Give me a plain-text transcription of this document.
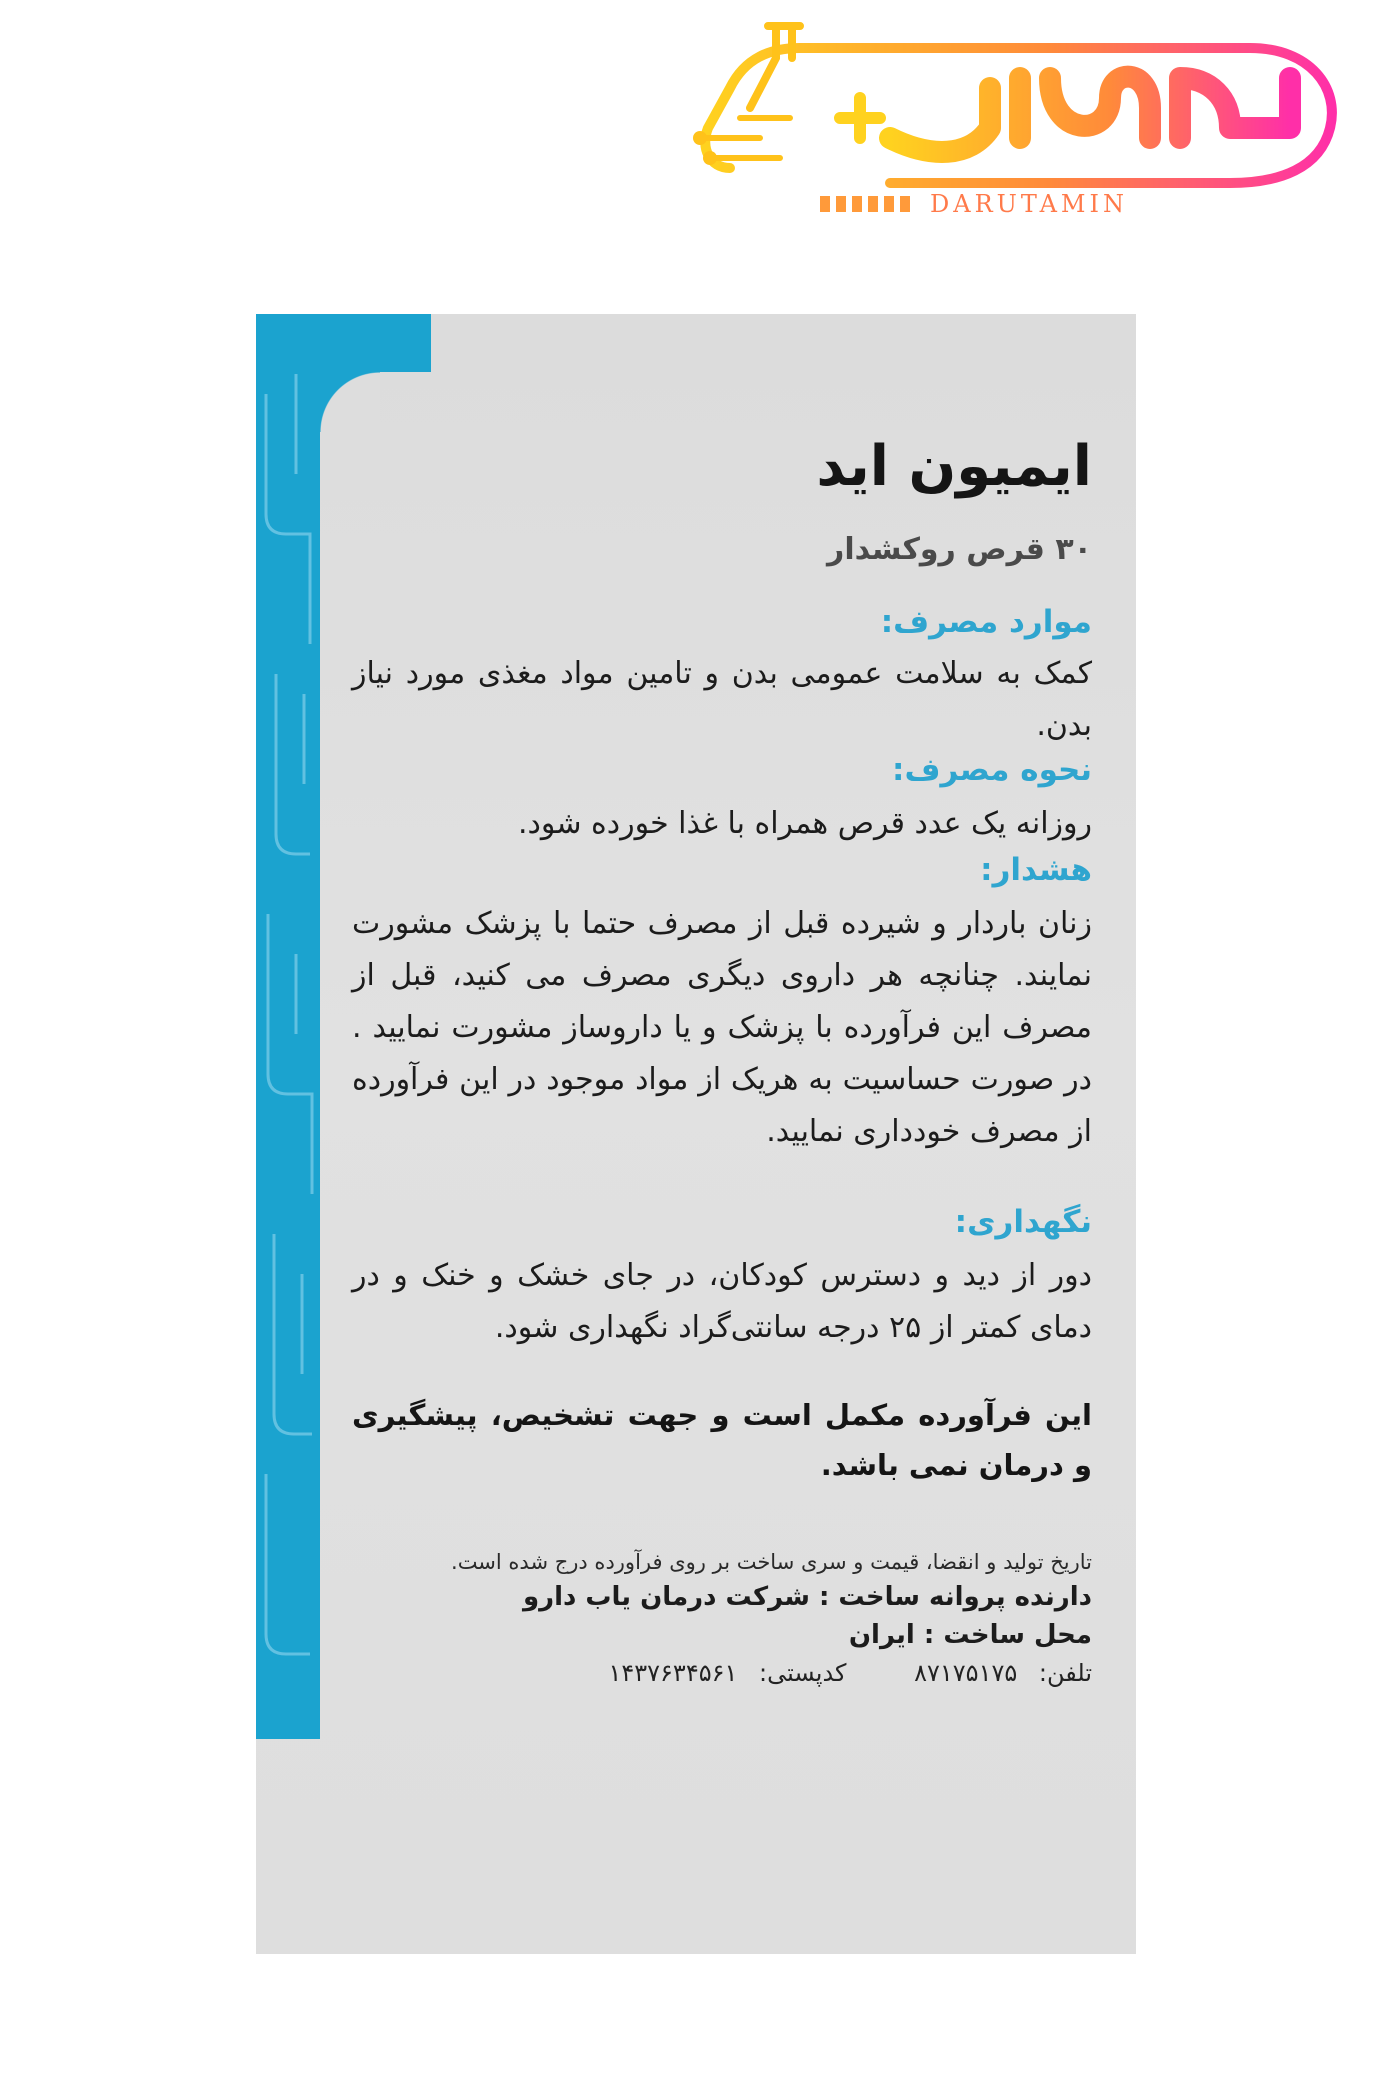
DARUTAMIN
ایمیون اید
۳۰ قرص روکشدار
موارد مصرف:
کمک به سلامت عمومی بدن و تامین مواد مغذی مورد نیاز بدن.
نحوه مصرف:
روزانه یک عدد قرص همراه با غذا خورده شود.
هشدار:
زنان باردار و شیرده قبل از مصرف حتما با پزشک مشورت نمایند. چنانچه هر داروی دیگری مصرف می کنید، قبل از مصرف این فرآورده با پزشک و یا داروساز مشورت نمایید . در صورت حساسیت به هریک از مواد موجود در این فرآورده از مصرف خودداری نمایید.
نگهداری:
دور از دید و دسترس کودکان، در جای خشک و خنک و در دمای کمتر از ۲۵ درجه سانتی‌گراد نگهداری شود.
این فرآورده مکمل است و جهت تشخیص، پیشگیری و درمان نمی باشد.
تاریخ تولید و انقضا، قیمت و سری ساخت بر روی فرآورده درج شده است.
دارنده پروانه ساخت : شرکت درمان یاب دارو
محل ساخت : ایران
تلفن: ۸۷۱۷۵۱۷۵ کدپستی: ۱۴۳۷۶۳۴۵۶۱
